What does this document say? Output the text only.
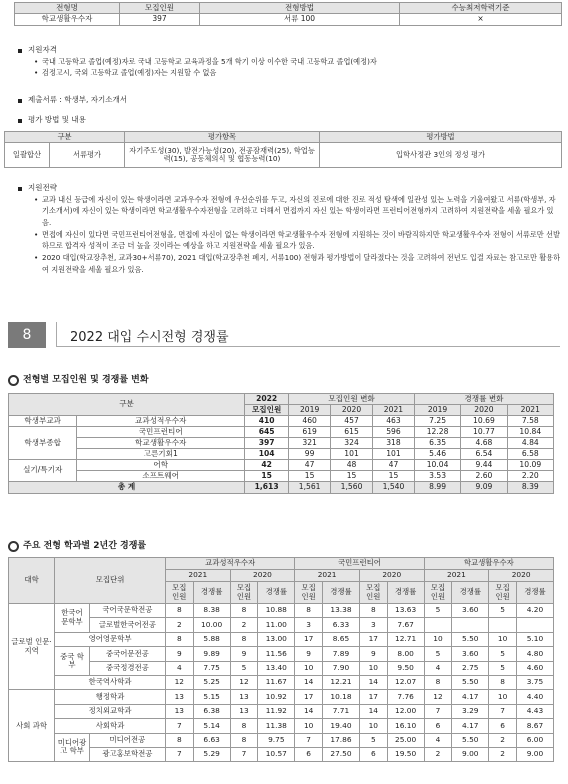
전형명	모집인원	전형방법	수능최저학력기준
학교생활우수자	397	서류 100	×
지원자격
• 국내 고등학교 졸업(예정)자로 국내 고등학교 교육과정을 5개 학기 이상 이수한 국내 고등학교 졸업(예정)자
• 검정고시, 국외 고등학교 졸업(예정)자는 지원할 수 없음
제출서류 : 학생부, 자기소개서
평가 방법 및 내용
구분		평가항목	평가방법
일괄합산	서류평가	자기주도성(30), 발전가능성(20), 전공잠재력(25), 학업능력(15), 공동체의식 및 협동능력(10)	입학사정관 3인의 정성 평가
지원전략
• 교과 내신 등급에 자신이 있는 학생이라면 교과우수자 전형에 우선순위를 두고, 자신의 진로에 대한 진로 적성 탐색에 일관성 있는 노력을 기울여왔고 서류(학생부, 자기소개서)에 자신이 있는 학생이라면 학교생활우수자전형을 고려하고 더해서 면접까지 자신 있는 학생이라면 프런티어전형까지 고려하여 지원전략을 세울 필요가 있음.
• 면접에 자신이 있다면 국민프런티어전형을, 면접에 자신이 없는 학생이라면 학교생활우수자 전형에 지원하는 것이 바람직하지만 학교생활우수자 전형이 서류로만 선발하므로 합격자 성적이 조금 더 높을 것이라는 예상을 하고 지원전략을 세울 필요가 있음.
• 2020 대입(학교장추천, 교과30+서류70), 2021 대입(학교장추천 폐지, 서류100) 전형과 평가방법이 달라졌다는 것을 고려하여 전년도 입결 자료는 참고로만 활용하여 지원전략을 세울 필요가 있음.
8	2022 대입 수시전형 경쟁률
전형별 모집인원 및 경쟁률 변화
구분		2022	모집인원 변화			경쟁률 변화		
		모집인원	2019	2020	2021	2019	2020	2021
학생부교과	교과성적우수자	410	460	457	463	7.25	10.69	7.58
학생부종합	국민프런티어	645	619	615	596	12.28	10.77	10.84
	학교생활우수자	397	321	324	318	6.35	4.68	4.84
	고른기회1	104	99	101	101	5.46	6.54	6.58
실기/특기자	어학	42	47	48	47	10.04	9.44	10.09
	소프트웨어	15	15	15	15	3.53	2.60	2.20
총 계		1,613	1,561	1,560	1,540	8.99	9.09	8.39
주요 전형 학과별 2년간 경쟁률
대학	모집단위		교과성적우수자				국민프런티어				학교생활우수자			
			2021		2020		2021		2020		2021		2020	
			모집 인원	경쟁률	모집 인원	경쟁률	모집 인원	경쟁률	모집 인원	경쟁률	모집 인원	경쟁률	모집 인원	경쟁률
글로벌 인문·지역	한국어 문학부	국어국문학전공	8	8.38	8	10.88	8	13.38	8	13.63	5	3.60	5	4.20
		글로벌한국어전공	2	10.00	2	11.00	3	6.33	3	7.67				
	영어영문학부		8	5.88	8	13.00	17	8.65	17	12.71	10	5.50	10	5.10
	중국 학부	중국어문전공	9	9.89	9	11.56	9	7.89	9	8.00	5	3.60	5	4.80
		중국정경전공	4	7.75	5	13.40	10	7.90	10	9.50	4	2.75	5	4.60
	한국역사학과		12	5.25	12	11.67	14	12.21	14	12.07	8	5.50	8	3.75
사회 과학	행정학과		13	5.15	13	10.92	17	10.18	17	7.76	12	4.17	10	4.40
	정치외교학과		13	6.38	13	11.92	14	7.71	14	12.00	7	3.29	7	4.43
	사회학과		7	5.14	8	11.38	10	19.40	10	16.10	6	4.17	6	8.67
	미디어광고 학부	미디어전공	8	6.63	8	9.75	7	17.86	5	25.00	4	5.50	2	6.00
		광고홍보학전공	7	5.29	7	10.57	6	27.50	6	19.50	2	9.00	2	9.00
